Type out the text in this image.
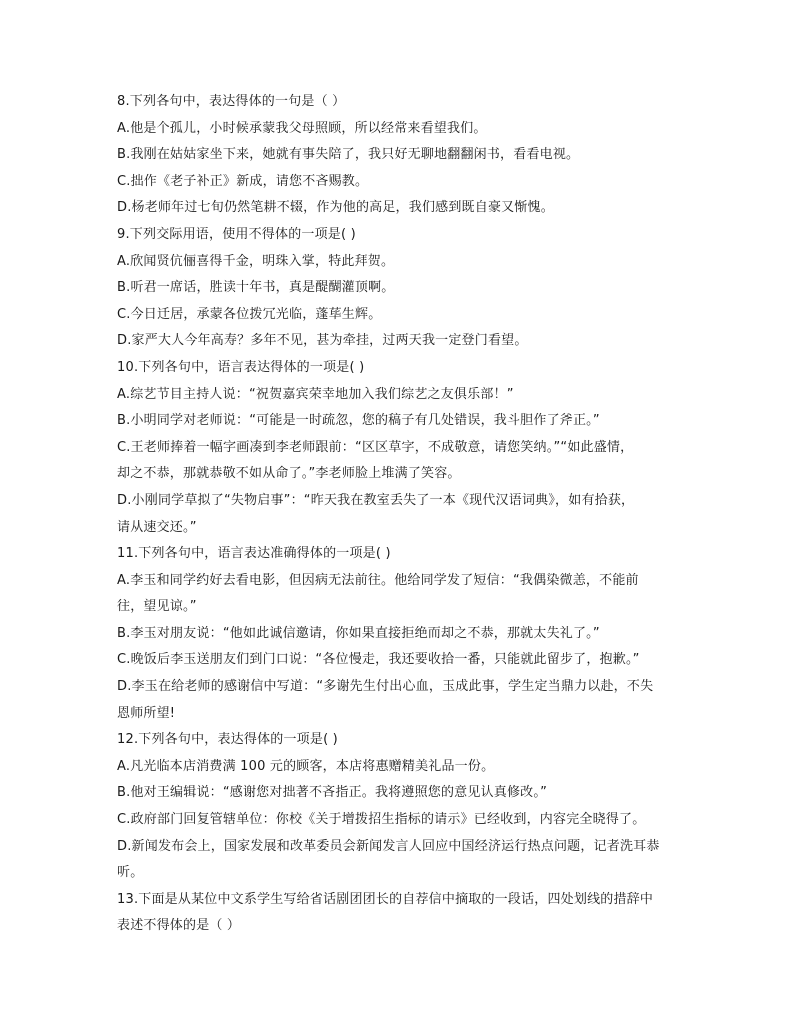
8.下列各句中，表达得体的一句是（ ）
A.他是个孤儿，小时候承蒙我父母照顾，所以经常来看望我们。
B.我刚在姑姑家坐下来，她就有事失陪了，我只好无聊地翻翻闲书，看看电视。
C.拙作《老子补正》新成，请您不吝赐教。
D.杨老师年过七旬仍然笔耕不辍，作为他的高足，我们感到既自豪又惭愧。
9.下列交际用语，使用不得体的一项是( )
A.欣闻贤伉俪喜得千金，明珠入掌，特此拜贺。
B.听君一席话，胜读十年书，真是醍醐灌顶啊。
C.今日迁居，承蒙各位拨冗光临，蓬荜生辉。
D.家严大人今年高寿？多年不见，甚为牵挂，过两天我一定登门看望。
10.下列各句中，语言表达得体的一项是( )
A.综艺节目主持人说：“祝贺嘉宾荣幸地加入我们综艺之友俱乐部！”
B.小明同学对老师说：“可能是一时疏忽，您的稿子有几处错误，我斗胆作了斧正。”
C.王老师捧着一幅字画凑到李老师跟前：“区区草字，不成敬意，请您笑纳。”“如此盛情，
却之不恭，那就恭敬不如从命了。”李老师脸上堆满了笑容。
D.小刚同学草拟了“失物启事”：“昨天我在教室丢失了一本《现代汉语词典》，如有拾获，
请从速交还。”
11.下列各句中，语言表达准确得体的一项是( )
A.李玉和同学约好去看电影，但因病无法前往。他给同学发了短信：“我偶染微恙，不能前
往，望见谅。”
B.李玉对朋友说：“他如此诚信邀请，你如果直接拒绝而却之不恭，那就太失礼了。”
C.晚饭后李玉送朋友们到门口说：“各位慢走，我还要收拾一番，只能就此留步了，抱歉。”
D.李玉在给老师的感谢信中写道：“多谢先生付出心血，玉成此事，学生定当鼎力以赴，不失
恩师所望!
12.下列各句中，表达得体的一项是( )
A.凡光临本店消费满 100 元的顾客，本店将惠赠精美礼品一份。
B.他对王编辑说：“感谢您对拙著不吝指正。我将遵照您的意见认真修改。”
C.政府部门回复管辖单位：你校《关于增拨招生指标的请示》已经收到，内容完全晓得了。
D.新闻发布会上，国家发展和改革委员会新闻发言人回应中国经济运行热点问题，记者洗耳恭
听。
13.下面是从某位中文系学生写给省话剧团团长的自荐信中摘取的一段话，四处划线的措辞中
表述不得体的是（ ）
